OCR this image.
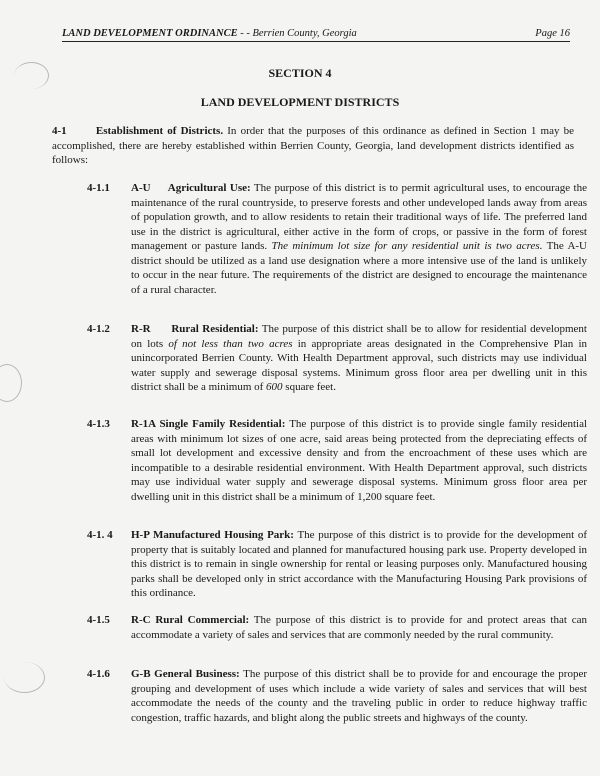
LAND DEVELOPMENT ORDINANCE - - Berrien County, Georgia	Page 16
SECTION 4
LAND DEVELOPMENT DISTRICTS
4-1	Establishment of Districts. In order that the purposes of this ordinance as defined in Section 1 may be accomplished, there are hereby established within Berrien County, Georgia, land development districts identified as follows:
4-1.1 A-U Agricultural Use: The purpose of this district is to permit agricultural uses, to encourage the maintenance of the rural countryside, to preserve forests and other undeveloped lands away from areas of population growth, and to allow residents to retain their traditional ways of life. The preferred land use in the district is agricultural, either active in the form of crops, or passive in the form of forest management or pasture lands. The minimum lot size for any residential unit is two acres. The A-U district should be utilized as a land use designation where a more intensive use of the land is unlikely to occur in the near future. The requirements of the district are designed to encourage the maintenance of a rural character.
4-1.2 R-R Rural Residential: The purpose of this district shall be to allow for residential development on lots of not less than two acres in appropriate areas designated in the Comprehensive Plan in unincorporated Berrien County. With Health Department approval, such districts may use individual water supply and sewerage disposal systems. Minimum gross floor area per dwelling unit in this district shall be a minimum of 600 square feet.
4-1.3 R-1A Single Family Residential: The purpose of this district is to provide single family residential areas with minimum lot sizes of one acre, said areas being protected from the depreciating effects of small lot development and excessive density and from the encroachment of these uses which are incompatible to a desirable residential environment. With Health Department approval, such districts may use individual water supply and sewerage disposal systems. Minimum gross floor area per dwelling unit in this district shall be a minimum of 1,200 square feet.
4-1. 4 H-P Manufactured Housing Park: The purpose of this district is to provide for the development of property that is suitably located and planned for manufactured housing park use. Property developed in this district is to remain in single ownership for rental or leasing purposes only. Manufactured housing parks shall be developed only in strict accordance with the Manufacturing Housing Park provisions of this ordinance.
4-1.5 R-C Rural Commercial: The purpose of this district is to provide for and protect areas that can accommodate a variety of sales and services that are commonly needed by the rural community.
4-1.6 G-B General Business: The purpose of this district shall be to provide for and encourage the proper grouping and development of uses which include a wide variety of sales and services that will best accommodate the needs of the county and the traveling public in order to reduce highway traffic congestion, traffic hazards, and blight along the public streets and highways of the county.
